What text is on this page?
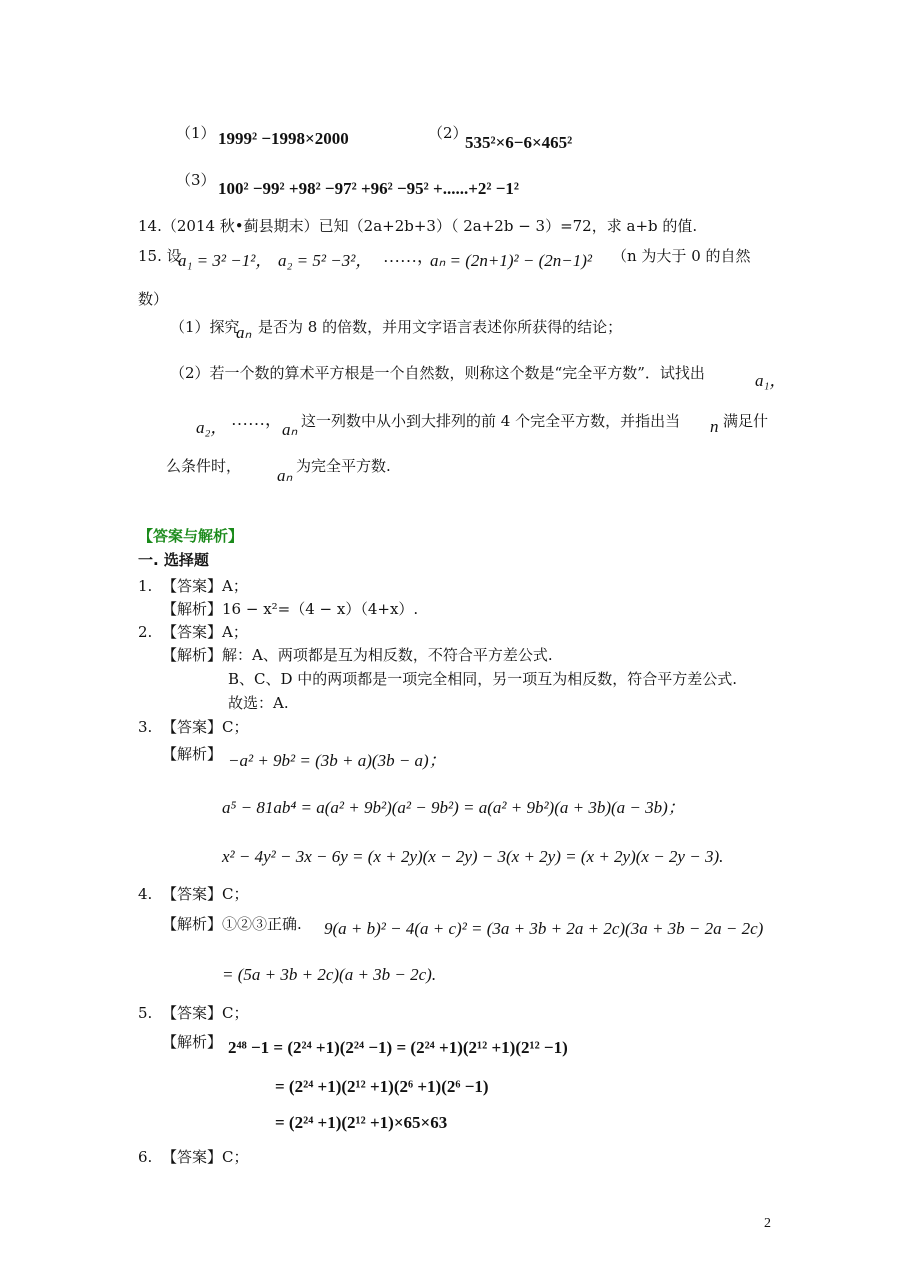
（1） 1999² −1998×2000	（2）
535²×6−6×465²
（3） 100² −99² +98² −97² +96² −95² +......+2² −1²
14.（2014 秋•蓟县期末）已知（2a+2b+3）（ 2a+2b − 3）=72，求 a+b 的值.
15. 设
a₁ = 3² −1²， a₂ = 5² −3²， ……，
aₙ = (2n+1)² − (2n−1)² （n 为大于 0 的自然
数）
（1）探究
aₙ 是否为 8 的倍数，并用文字语言表述你所获得的结论；
（2）若一个数的算术平方根是一个自然数，则称这个数是“完全平方数”．试找出	a₁，
a₂， ……，
aₙ 这一列数中从小到大排列的前 4 个完全平方数，并指出当 n 满足什
么条件时， aₙ 为完全平方数.
【答案与解析】
一. 选择题
1. 【答案】A；
【解析】16 − x²=（4 − x）（4+x）.
2. 【答案】A；
【解析】解：A、两项都是互为相反数，不符合平方差公式.
B、C、D 中的两项都是一项完全相同，另一项互为相反数，符合平方差公式.
故选：A.
3. 【答案】C；
【解析】 −a² + 9b² = (3b + a)(3b − a)；
a⁵ − 81ab⁴ = a(a² + 9b²)(a² − 9b²) = a(a² + 9b²)(a + 3b)(a − 3b)；
x² − 4y² − 3x − 6y = (x + 2y)(x − 2y) − 3(x + 2y) = (x + 2y)(x − 2y − 3).
4. 【答案】C；
【解析】①②③正确. 9(a + b)² − 4(a + c)² = (3a + 3b + 2a + 2c)(3a + 3b − 2a − 2c)
= (5a + 3b + 2c)(a + 3b − 2c).
5. 【答案】C；
【解析】 2⁴⁸ −1 = (2²⁴ +1)(2²⁴ −1) = (2²⁴ +1)(2¹² +1)(2¹² −1)
= (2²⁴ +1)(2¹² +1)(2⁶ +1)(2⁶ −1)
= (2²⁴ +1)(2¹² +1)×65×63
6. 【答案】C；
2
